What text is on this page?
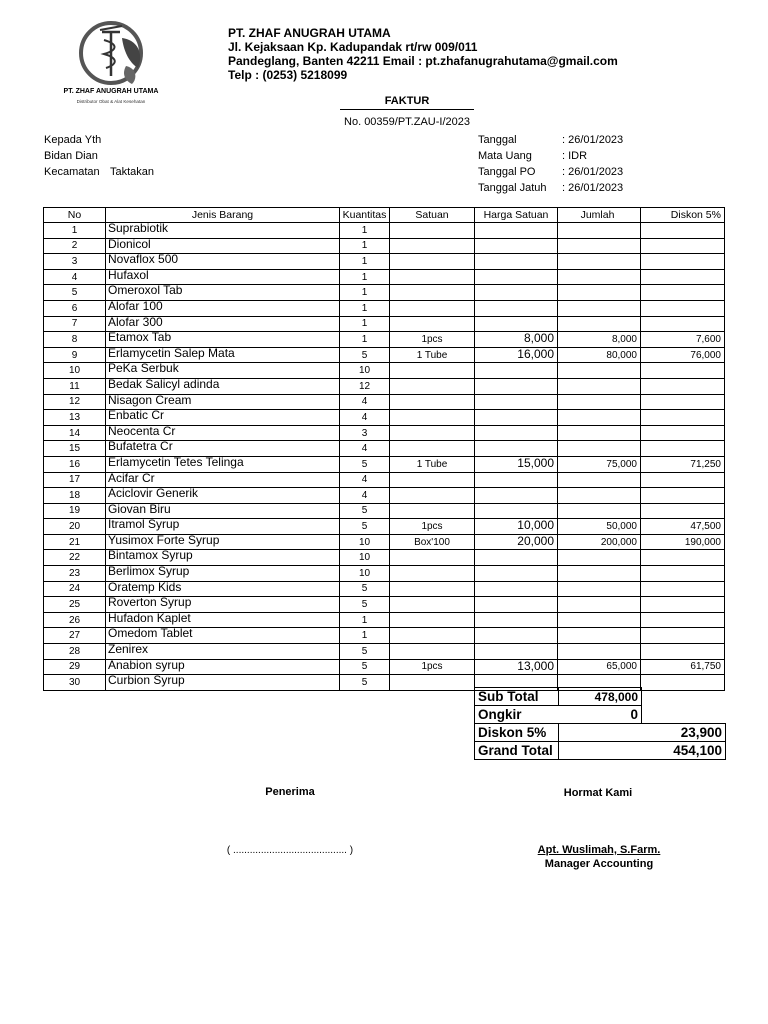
PT. ZHAF ANUGRAH UTAMA
Distributor Obat & Alat Kesehatan
PT. ZHAF ANUGRAH UTAMA
Jl. Kejaksaan Kp. Kadupandak rt/rw 009/011
Pandeglang, Banten 42211 Email : pt.zhafanugrahutama@gmail.com
Telp : (0253) 5218099
FAKTUR
No. 00359/PT.ZAU-I/2023
Kepada Yth
Bidan Dian
Kecamatan Taktakan
Tanggal	: 26/01/2023
Mata Uang	: IDR
Tanggal PO : 26/01/2023
Tanggal Jatuh : 26/01/2023
No	Jenis Barang	Kuantitas	Satuan	Harga Satuan	Jumlah	Diskon 5%
1	Suprabiotik	1				
2	Dionicol	1				
3	Novaflox 500	1				
4	Hufaxol	1				
5	Omeroxol Tab	1				
6	Alofar 100	1				
7	Alofar 300	1				
8	Etamox Tab	1	1pcs	8,000	8,000	7,600
9	Erlamycetin Salep Mata	5	1 Tube	16,000	80,000	76,000
10	PeKa Serbuk	10				
11	Bedak Salicyl adinda	12				
12	Nisagon Cream	4				
13	Enbatic Cr	4				
14	Neocenta Cr	3				
15	Bufatetra Cr	4				
16	Erlamycetin Tetes Telinga	5	1 Tube	15,000	75,000	71,250
17	Acifar Cr	4				
18	Aciclovir Generik	4				
19	Giovan Biru	5				
20	Itramol Syrup	5	1pcs	10,000	50,000	47,500
21	Yusimox Forte Syrup	10	Box'100	20,000	200,000	190,000
22	Bintamox Syrup	10				
23	Berlimox Syrup	10				
24	Oratemp Kids	5				
25	Roverton Syrup	5				
26	Hufadon Kaplet	1				
27	Omedom Tablet	1				
28	Zenirex	5				
29	Anabion syrup	5	1pcs	13,000	65,000	61,750
30	Curbion Syrup	5				
Sub Total	478,000	
Ongkir	0	
Diskon 5%	23,900	
Grand Total	454,100	
Penerima
( ......................................... )
Hormat Kami
Apt. Wuslimah, S.Farm.
Manager Accounting
